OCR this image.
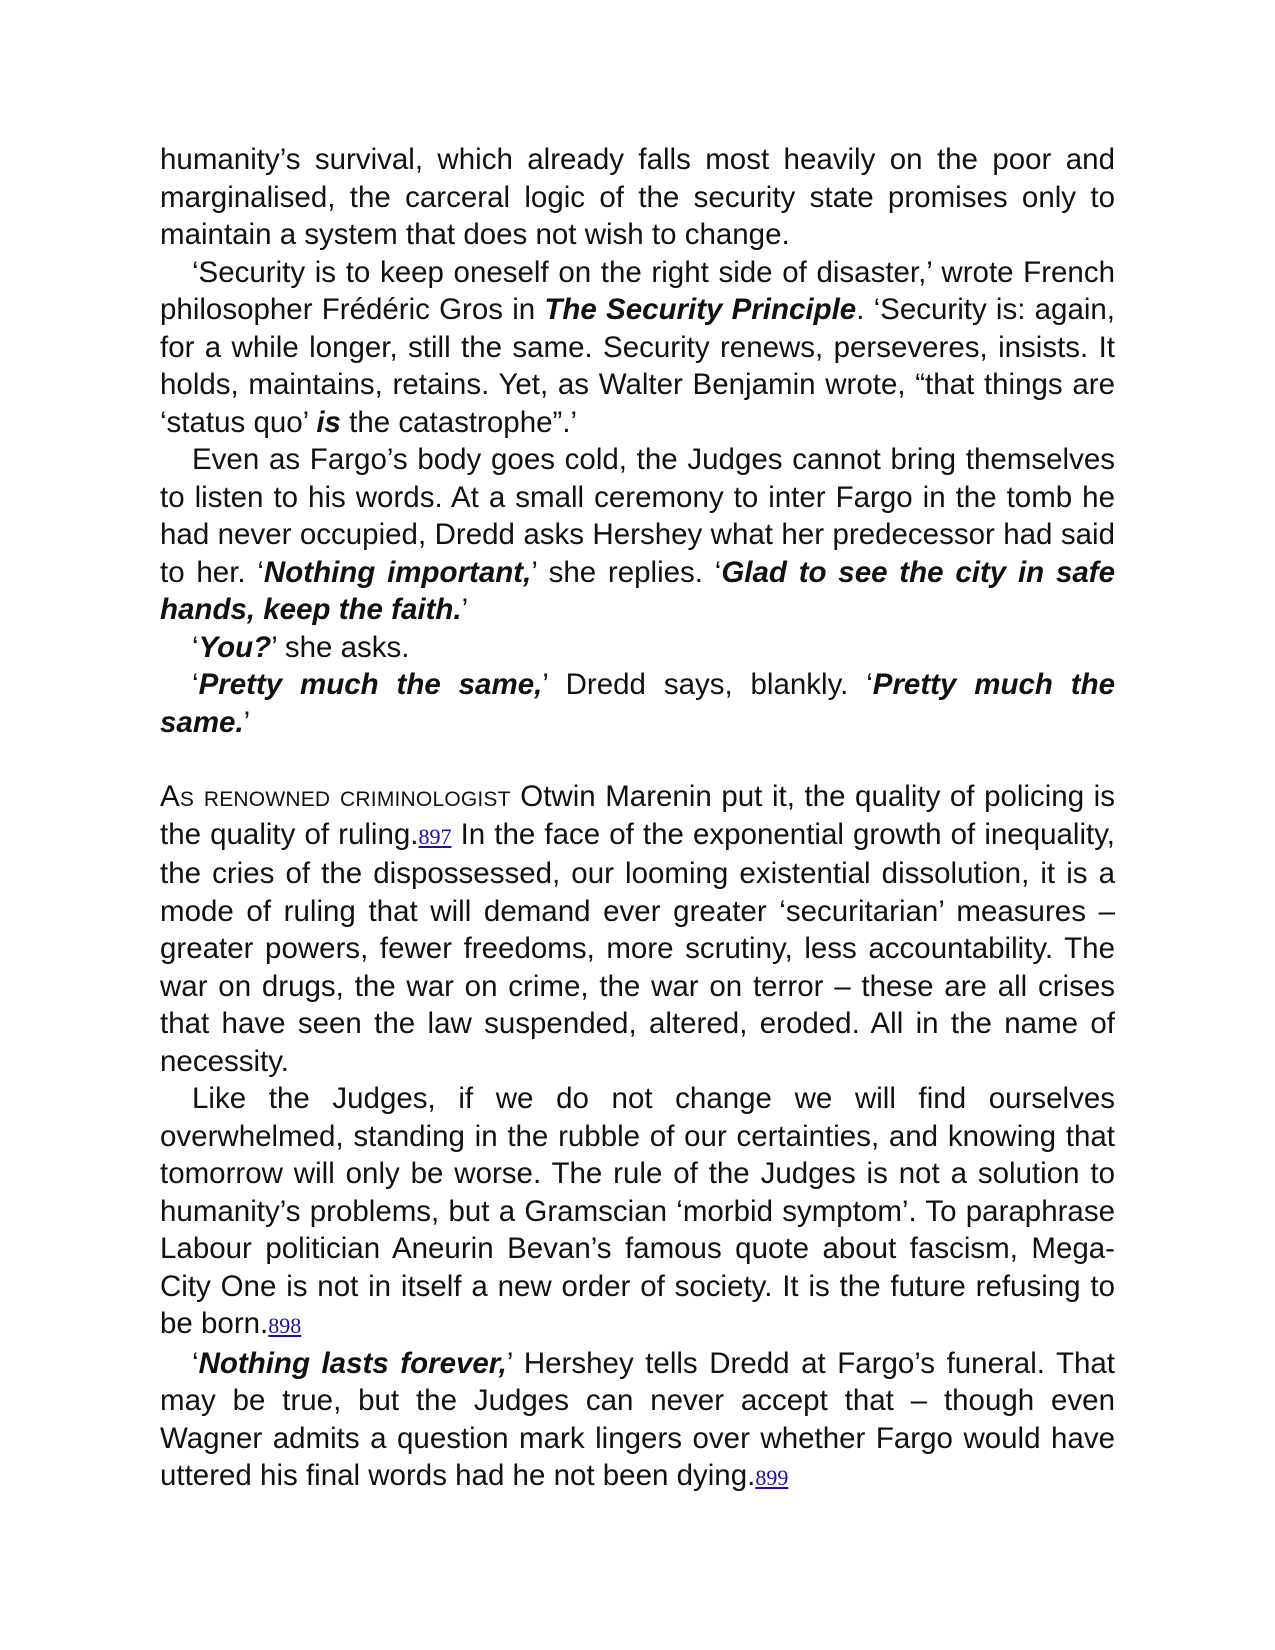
humanity’s survival, which already falls most heavily on the poor and marginalised, the carceral logic of the security state promises only to maintain a system that does not wish to change.

‘Security is to keep oneself on the right side of disaster,’ wrote French philosopher Frédéric Gros in The Security Principle. ‘Security is: again, for a while longer, still the same. Security renews, perseveres, insists. It holds, maintains, retains. Yet, as Walter Benjamin wrote, “that things are ‘status quo’ is the catastrophe”.’

Even as Fargo’s body goes cold, the Judges cannot bring themselves to listen to his words. At a small ceremony to inter Fargo in the tomb he had never occupied, Dredd asks Hershey what her predecessor had said to her. ‘Nothing important,’ she replies. ‘Glad to see the city in safe hands, keep the faith.’

‘You?’ she asks.

‘Pretty much the same,’ Dredd says, blankly. ‘Pretty much the same.’

As renowned criminologist Otwin Marenin put it, the quality of policing is the quality of ruling.897 In the face of the exponential growth of inequality, the cries of the dispossessed, our looming existential dissolution, it is a mode of ruling that will demand ever greater ‘securitarian’ measures – greater powers, fewer freedoms, more scrutiny, less accountability. The war on drugs, the war on crime, the war on terror – these are all crises that have seen the law suspended, altered, eroded. All in the name of necessity.

Like the Judges, if we do not change we will find ourselves overwhelmed, standing in the rubble of our certainties, and knowing that tomorrow will only be worse. The rule of the Judges is not a solution to humanity’s problems, but a Gramscian ‘morbid symptom’. To paraphrase Labour politician Aneurin Bevan’s famous quote about fascism, Mega-City One is not in itself a new order of society. It is the future refusing to be born.898

‘Nothing lasts forever,’ Hershey tells Dredd at Fargo’s funeral. That may be true, but the Judges can never accept that – though even Wagner admits a question mark lingers over whether Fargo would have uttered his final words had he not been dying.899
